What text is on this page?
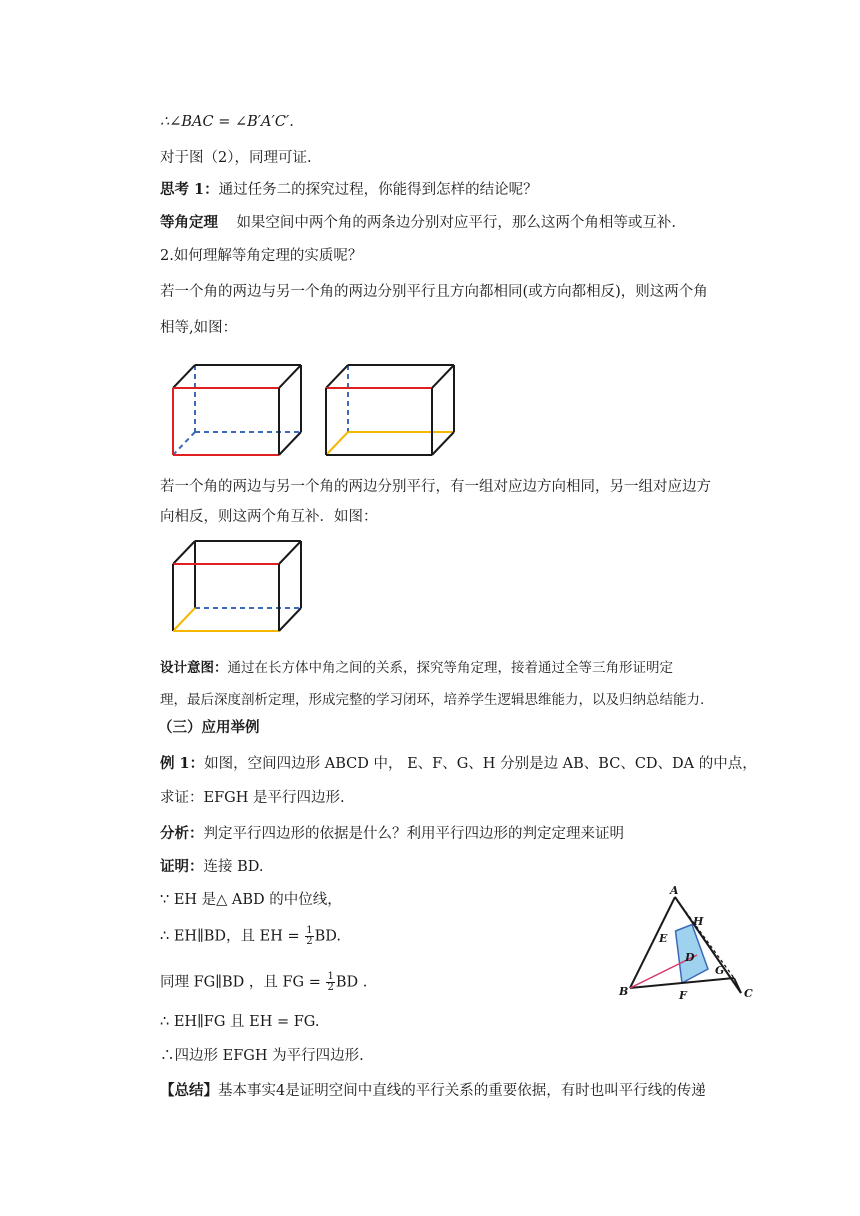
∴∠BAC = ∠B′A′C′.
对于图（2），同理可证.
思考 1：通过任务二的探究过程，你能得到怎样的结论呢？
等角定理 如果空间中两个角的两条边分别对应平行，那么这两个角相等或互补.
2.如何理解等角定理的实质呢？
若一个角的两边与另一个角的两边分别平行且方向都相同(或方向都相反)，则这两个角
相等,如图：
若一个角的两边与另一个角的两边分别平行，有一组对应边方向相同，另一组对应边方
向相反，则这两个角互补．如图：
设计意图：通过在长方体中角之间的关系，探究等角定理，接着通过全等三角形证明定
理，最后深度剖析定理，形成完整的学习闭环，培养学生逻辑思维能力，以及归纳总结能力.
（三）应用举例
例 1：如图，空间四边形 ABCD 中， E、F、G、H 分别是边 AB、BC、CD、DA 的中点，
求证：EFGH 是平行四边形.
分析：判定平行四边形的依据是什么？利用平行四边形的判定定理来证明
证明：连接 BD.
∵ EH 是△ ABD 的中位线，
∴ EH∥BD，且 EH = $\frac{1}{2}$ BD.
同理 FG∥BD ，且 FG = $\frac{1}{2}$ BD .
∴ EH∥FG 且 EH = FG.
∴四边形 EFGH 为平行四边形.
【总结】基本事实4是证明空间中直线的平行关系的重要依据，有时也叫平行线的传递
A
H
E
D
G
B	F	C
